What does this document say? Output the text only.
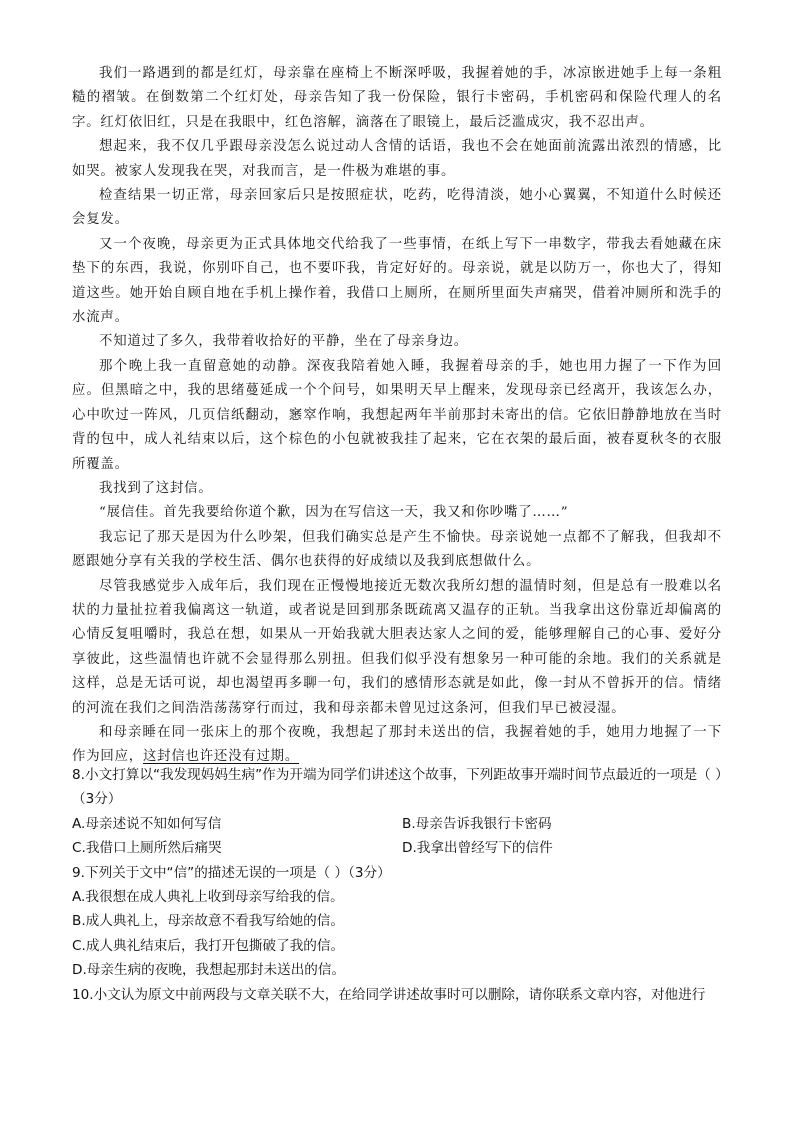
我们一路遇到的都是红灯，母亲靠在座椅上不断深呼吸，我握着她的手，冰凉嵌进她手上每一条粗糙的褶皱。在倒数第二个红灯处，母亲告知了我一份保险，银行卡密码，手机密码和保险代理人的名字。红灯依旧红，只是在我眼中，红色溶解，滴落在了眼镜上，最后泛滥成灾，我不忍出声。

想起来，我不仅几乎跟母亲没怎么说过动人含情的话语，我也不会在她面前流露出浓烈的情感，比如哭。被家人发现我在哭，对我而言，是一件极为难堪的事。

检查结果一切正常，母亲回家后只是按照症状，吃药，吃得清淡，她小心翼翼，不知道什么时候还会复发。

又一个夜晚，母亲更为正式具体地交代给我了一些事情，在纸上写下一串数字，带我去看她藏在床垫下的东西，我说，你别吓自己，也不要吓我，肯定好好的。母亲说，就是以防万一，你也大了，得知道这些。她开始自顾自地在手机上操作着，我借口上厕所，在厕所里面失声痛哭，借着冲厕所和洗手的水流声。

不知道过了多久，我带着收拾好的平静，坐在了母亲身边。

那个晚上我一直留意她的动静。深夜我陪着她入睡，我握着母亲的手，她也用力握了一下作为回应。但黑暗之中，我的思绪蔓延成一个个问号，如果明天早上醒来，发现母亲已经离开，我该怎么办，心中吹过一阵风，几页信纸翻动，窸窣作响，我想起两年半前那封未寄出的信。它依旧静静地放在当时背的包中，成人礼结束以后，这个棕色的小包就被我挂了起来，它在衣架的最后面，被春夏秋冬的衣服所覆盖。

我找到了这封信。

“展信佳。首先我要给你道个歉，因为在写信这一天，我又和你吵嘴了……”

我忘记了那天是因为什么吵架，但我们确实总是产生不愉快。母亲说她一点都不了解我，但我却不愿跟她分享有关我的学校生活、偶尔也获得的好成绩以及我到底想做什么。

尽管我感觉步入成年后，我们现在正慢慢地接近无数次我所幻想的温情时刻，但是总有一股难以名状的力量扯拉着我偏离这一轨道，或者说是回到那条既疏离又温存的正轨。当我拿出这份靠近却偏离的心情反复咀嚼时，我总在想，如果从一开始我就大胆表达家人之间的爱，能够理解自己的心事、爱好分享彼此，这些温情也许就不会显得那么别扭。但我们似乎没有想象另一种可能的余地。我们的关系就是这样，总是无话可说，却也渴望再多聊一句，我们的感情形态就是如此，像一封从不曾拆开的信。情绪的河流在我们之间浩浩荡荡穿行而过，我和母亲都未曾见过这条河，但我们早已被浸湿。

和母亲睡在同一张床上的那个夜晚，我想起了那封未送出的信，我握着她的手，她用力地握了一下作为回应，这封信也许还没有过期。

8.小文打算以“我发现妈妈生病”作为开端为同学们讲述这个故事，下列距故事开端时间节点最近的一项是（ ）（3分）

A.母亲述说不知如何写信	B.母亲告诉我银行卡密码
C.我借口上厕所然后痛哭	D.我拿出曾经写下的信件

9.下列关于文中“信”的描述无误的一项是（ ）（3分）

A.我很想在成人典礼上收到母亲写给我的信。

B.成人典礼上，母亲故意不看我写给她的信。

C.成人典礼结束后，我打开包撕破了我的信。

D.母亲生病的夜晚，我想起那封未送出的信。

10.小文认为原文中前两段与文章关联不大，在给同学讲述故事时可以删除，请你联系文章内容，对他进行
